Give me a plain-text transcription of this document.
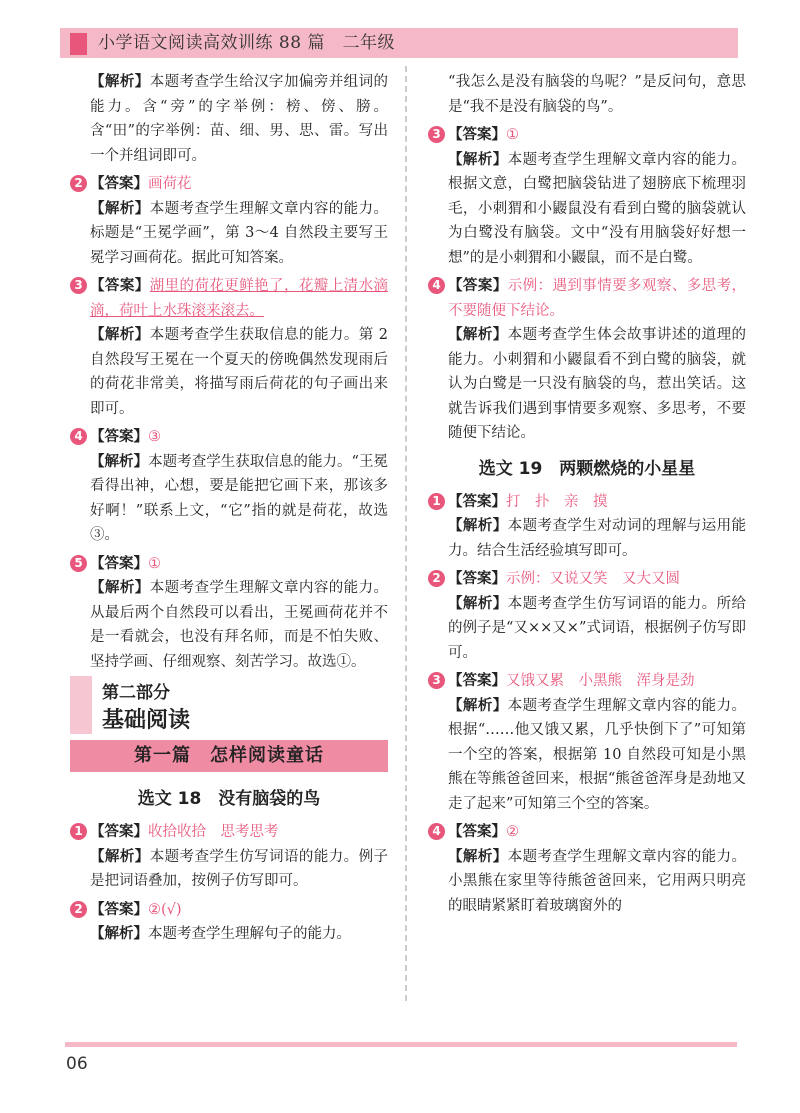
小学语文阅读高效训练 88 篇　二年级
【解析】本题考查学生给汉字加偏旁并组词的能力。含“旁”的字举例：榜、傍、膀。含“田”的字举例：苗、细、男、思、雷。写出一个并组词即可。
2 【答案】画荷花
【解析】本题考查学生理解文章内容的能力。标题是“王冕学画”，第 3～4 自然段主要写王冕学习画荷花。据此可知答案。
3 【答案】湖里的荷花更鲜艳了，花瓣上清水滴滴，荷叶上水珠滚来滚去。
【解析】本题考查学生获取信息的能力。第 2 自然段写王冕在一个夏天的傍晚偶然发现雨后的荷花非常美，将描写雨后荷花的句子画出来即可。
4 【答案】③
【解析】本题考查学生获取信息的能力。“王冕看得出神，心想，要是能把它画下来，那该多好啊！”联系上文，“它”指的就是荷花，故选③。
5 【答案】①
【解析】本题考查学生理解文章内容的能力。从最后两个自然段可以看出，王冕画荷花并不是一看就会，也没有拜名师，而是不怕失败、坚持学画、仔细观察、刻苦学习。故选①。
第二部分
基础阅读
第一篇　怎样阅读童话
选文 18　没有脑袋的鸟
1 【答案】收拾收拾　思考思考
【解析】本题考查学生仿写词语的能力。例子是把词语叠加，按例子仿写即可。
2 【答案】②(√)
【解析】本题考查学生理解句子的能力。
“我怎么是没有脑袋的鸟呢？”是反问句，意思是“我不是没有脑袋的鸟”。
3 【答案】①
【解析】本题考查学生理解文章内容的能力。根据文意，白鹭把脑袋钻进了翅膀底下梳理羽毛，小刺猬和小鼹鼠没有看到白鹭的脑袋就认为白鹭没有脑袋。文中“没有用脑袋好好想一想”的是小刺猬和小鼹鼠，而不是白鹭。
4 【答案】示例：遇到事情要多观察、多思考，不要随便下结论。
【解析】本题考查学生体会故事讲述的道理的能力。小刺猬和小鼹鼠看不到白鹭的脑袋，就认为白鹭是一只没有脑袋的鸟，惹出笑话。这就告诉我们遇到事情要多观察、多思考，不要随便下结论。
选文 19　两颗燃烧的小星星
1 【答案】打　扑　亲　摸
【解析】本题考查学生对动词的理解与运用能力。结合生活经验填写即可。
2 【答案】示例：又说又笑　又大又圆
【解析】本题考查学生仿写词语的能力。所给的例子是“又××又×”式词语，根据例子仿写即可。
3 【答案】又饿又累　小黑熊　浑身是劲
【解析】本题考查学生理解文章内容的能力。根据“……他又饿又累，几乎快倒下了”可知第一个空的答案，根据第 10 自然段可知是小黑熊在等熊爸爸回来，根据“熊爸爸浑身是劲地又走了起来”可知第三个空的答案。
4 【答案】②
【解析】本题考查学生理解文章内容的能力。小黑熊在家里等待熊爸爸回来，它用两只明亮的眼睛紧紧盯着玻璃窗外的
06
